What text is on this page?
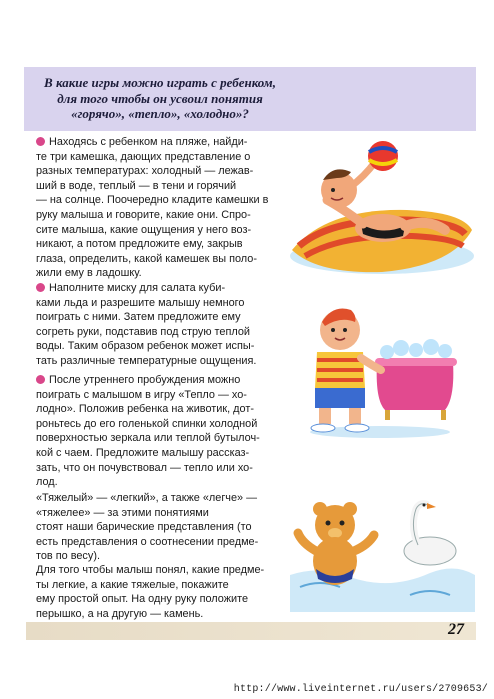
В какие игры можно играть с ребенком,
для того чтобы он усвоил понятия
«горячо», «тепло», «холодно»?
Находясь с ребенком на пляже, найди-
те три камешка, дающих представление о
разных температурах: холодный — лежав-
ший в воде, теплый — в тени и горячий
— на солнце. Поочередно кладите камешки в
руку малыша и говорите, какие они. Спро-
сите малыша, какие ощущения у него воз-
никают, а потом предложите ему, закрыв
глаза, определить, какой камешек вы поло-
жили ему в ладошку.
Наполните миску для салата куби-
ками льда и разрешите малышу немного
поиграть с ними. Затем предложите ему
согреть руки, подставив под струю теплой
воды. Таким образом ребенок может испы-
тать различные температурные ощущения.
После утреннего пробуждения можно
поиграть с малышом в игру «Тепло — хо-
лодно». Положив ребенка на животик, дот-
роньтесь до его голенькой спинки холодной
поверхностью зеркала или теплой бутылоч-
кой с чаем. Предложите малышу рассказ-
зать, что он почувствовал — тепло или хо-
лод.
«Тяжелый» — «легкий», а также «легче» —
«тяжелее» — за этими понятиями
стоят наши барические представления (то
есть представления о соотнесении предме-
тов по весу).
Для того чтобы малыш понял, какие предме-
ты легкие, а какие тяжелые, покажите
ему простой опыт. На одну руку положите
перышко, а на другую — камень.
27
http://www.liveinternet.ru/users/2709653/
